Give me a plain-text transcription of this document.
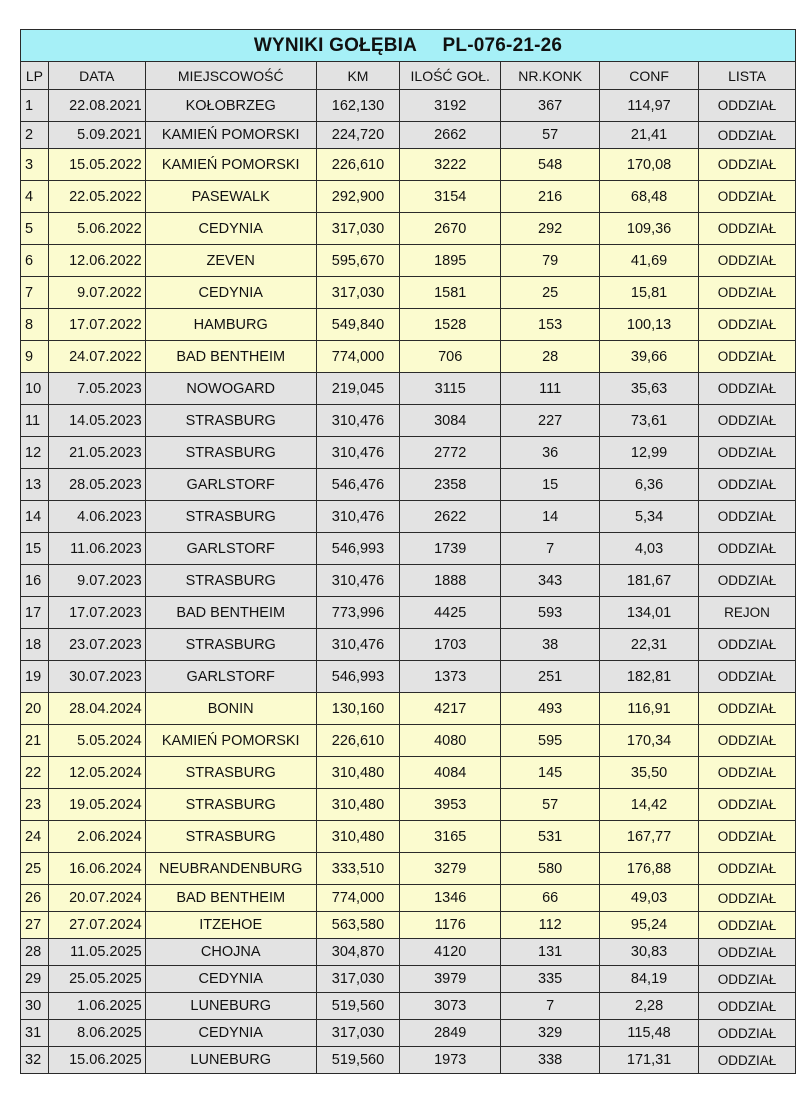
WYNIKI GOŁĘBIA PL-076-21-26							
LP	DATA	MIEJSCOWOŚĆ	KM	ILOŚĆ GOŁ.	NR.KONK	CONF	LISTA
1	22.08.2021	KOŁOBRZEG	162,130	3192	367	114,97	ODDZIAŁ
2	5.09.2021	KAMIEŃ POMORSKI	224,720	2662	57	21,41	ODDZIAŁ
3	15.05.2022	KAMIEŃ POMORSKI	226,610	3222	548	170,08	ODDZIAŁ
4	22.05.2022	PASEWALK	292,900	3154	216	68,48	ODDZIAŁ
5	5.06.2022	CEDYNIA	317,030	2670	292	109,36	ODDZIAŁ
6	12.06.2022	ZEVEN	595,670	1895	79	41,69	ODDZIAŁ
7	9.07.2022	CEDYNIA	317,030	1581	25	15,81	ODDZIAŁ
8	17.07.2022	HAMBURG	549,840	1528	153	100,13	ODDZIAŁ
9	24.07.2022	BAD BENTHEIM	774,000	706	28	39,66	ODDZIAŁ
10	7.05.2023	NOWOGARD	219,045	3115	111	35,63	ODDZIAŁ
11	14.05.2023	STRASBURG	310,476	3084	227	73,61	ODDZIAŁ
12	21.05.2023	STRASBURG	310,476	2772	36	12,99	ODDZIAŁ
13	28.05.2023	GARLSTORF	546,476	2358	15	6,36	ODDZIAŁ
14	4.06.2023	STRASBURG	310,476	2622	14	5,34	ODDZIAŁ
15	11.06.2023	GARLSTORF	546,993	1739	7	4,03	ODDZIAŁ
16	9.07.2023	STRASBURG	310,476	1888	343	181,67	ODDZIAŁ
17	17.07.2023	BAD BENTHEIM	773,996	4425	593	134,01	REJON
18	23.07.2023	STRASBURG	310,476	1703	38	22,31	ODDZIAŁ
19	30.07.2023	GARLSTORF	546,993	1373	251	182,81	ODDZIAŁ
20	28.04.2024	BONIN	130,160	4217	493	116,91	ODDZIAŁ
21	5.05.2024	KAMIEŃ POMORSKI	226,610	4080	595	170,34	ODDZIAŁ
22	12.05.2024	STRASBURG	310,480	4084	145	35,50	ODDZIAŁ
23	19.05.2024	STRASBURG	310,480	3953	57	14,42	ODDZIAŁ
24	2.06.2024	STRASBURG	310,480	3165	531	167,77	ODDZIAŁ
25	16.06.2024	NEUBRANDENBURG	333,510	3279	580	176,88	ODDZIAŁ
26	20.07.2024	BAD BENTHEIM	774,000	1346	66	49,03	ODDZIAŁ
27	27.07.2024	ITZEHOE	563,580	1176	112	95,24	ODDZIAŁ
28	11.05.2025	CHOJNA	304,870	4120	131	30,83	ODDZIAŁ
29	25.05.2025	CEDYNIA	317,030	3979	335	84,19	ODDZIAŁ
30	1.06.2025	LUNEBURG	519,560	3073	7	2,28	ODDZIAŁ
31	8.06.2025	CEDYNIA	317,030	2849	329	115,48	ODDZIAŁ
32	15.06.2025	LUNEBURG	519,560	1973	338	171,31	ODDZIAŁ
